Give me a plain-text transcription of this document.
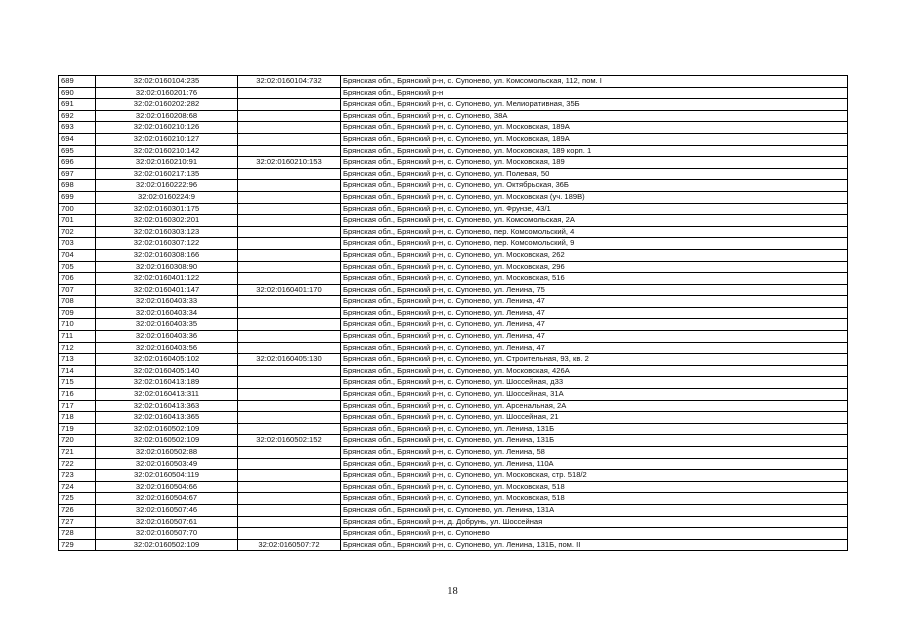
689	32:02:0160104:235	32:02:0160104:732	Брянская обл., Брянский р-н, с. Супонево, ул. Комсомольская, 112, пом. I
690	32:02:0160201:76		Брянская обл., Брянский р-н
691	32:02:0160202:282		Брянская обл., Брянский р-н, с. Супонево, ул. Мелиоративная, 35Б
692	32:02:0160208:68		Брянская обл., Брянский р-н, с. Супонево, 38А
693	32:02:0160210:126		Брянская обл., Брянский р-н, с. Супонево, ул. Московская, 189А
694	32:02:0160210:127		Брянская обл., Брянский р-н, с. Супонево, ул. Московская, 189А
695	32:02:0160210:142		Брянская обл., Брянский р-н, с. Супонево, ул. Московская, 189 корп. 1
696	32:02:0160210:91	32:02:0160210:153	Брянская обл., Брянский р-н, с. Супонево, ул. Московская, 189
697	32:02:0160217:135		Брянская обл., Брянский р-н, с. Супонево, ул. Полевая, 50
698	32:02:0160222:96		Брянская обл., Брянский р-н, с. Супонево, ул. Октябрьская, 36Б
699	32:02:0160224:9		Брянская обл., Брянский р-н, с. Супонево, ул. Московская (уч. 189В)
700	32:02:0160301:175		Брянская обл., Брянский р-н, с. Супонево, ул. Фрунзе, 43/1
701	32:02:0160302:201		Брянская обл., Брянский р-н, с. Супонево, ул. Комсомольская, 2А
702	32:02:0160303:123		Брянская обл., Брянский р-н, с. Супонево, пер. Комсомольский, 4
703	32:02:0160307:122		Брянская обл., Брянский р-н, с. Супонево, пер. Комсомольский, 9
704	32:02:0160308:166		Брянская обл., Брянский р-н, с. Супонево, ул. Московская, 262
705	32:02:0160308:90		Брянская обл., Брянский р-н, с. Супонево, ул. Московская, 296
706	32:02:0160401:122		Брянская обл., Брянский р-н, с. Супонево, ул. Московская, 516
707	32:02:0160401:147	32:02:0160401:170	Брянская обл., Брянский р-н, с. Супонево, ул. Ленина, 75
708	32:02:0160403:33		Брянская обл., Брянский р-н, с. Супонево, ул. Ленина, 47
709	32:02:0160403:34		Брянская обл., Брянский р-н, с. Супонево, ул. Ленина, 47
710	32:02:0160403:35		Брянская обл., Брянский р-н, с. Супонево, ул. Ленина, 47
711	32:02:0160403:36		Брянская обл., Брянский р-н, с. Супонево, ул. Ленина, 47
712	32:02:0160403:56		Брянская обл., Брянский р-н, с. Супонево, ул. Ленина, 47
713	32:02:0160405:102	32:02:0160405:130	Брянская обл., Брянский р-н, с. Супонево, ул. Строительная, 93, кв. 2
714	32:02:0160405:140		Брянская обл., Брянский р-н, с. Супонево, ул. Московская, 426А
715	32:02:0160413:189		Брянская обл., Брянский р-н, с. Супонево, ул. Шоссейная, д33
716	32:02:0160413:311		Брянская обл., Брянский р-н, с. Супонево, ул. Шоссейная, 31А
717	32:02:0160413:363		Брянская обл., Брянский р-н, с. Супонево, ул. Арсенальная, 2А
718	32:02:0160413:365		Брянская обл., Брянский р-н, с. Супонево, ул. Шоссейная, 21
719	32:02:0160502:109		Брянская обл., Брянский р-н, с. Супонево, ул. Ленина, 131Б
720	32:02:0160502:109	32:02:0160502:152	Брянская обл., Брянский р-н, с. Супонево, ул. Ленина, 131Б
721	32:02:0160502:88		Брянская обл., Брянский р-н, с. Супонево, ул. Ленина, 58
722	32:02:0160503:49		Брянская обл., Брянский р-н, с. Супонево, ул. Ленина, 110А
723	32:02:0160504:119		Брянская обл., Брянский р-н, с. Супонево, ул. Московская, стр. 518/2
724	32:02:0160504:66		Брянская обл., Брянский р-н, с. Супонево, ул. Московская, 518
725	32:02:0160504:67		Брянская обл., Брянский р-н, с. Супонево, ул. Московская, 518
726	32:02:0160507:46		Брянская обл., Брянский р-н, с. Супонево, ул. Ленина, 131А
727	32:02:0160507:61		Брянская обл., Брянский р-н, д. Добрунь, ул. Шоссейная
728	32:02:0160507:70		Брянская обл., Брянский р-н, с. Супонево
729	32:02:0160502:109	32:02:0160507:72	Брянская обл., Брянский р-н, с. Супонево, ул. Ленина, 131Б, пом. II
18
